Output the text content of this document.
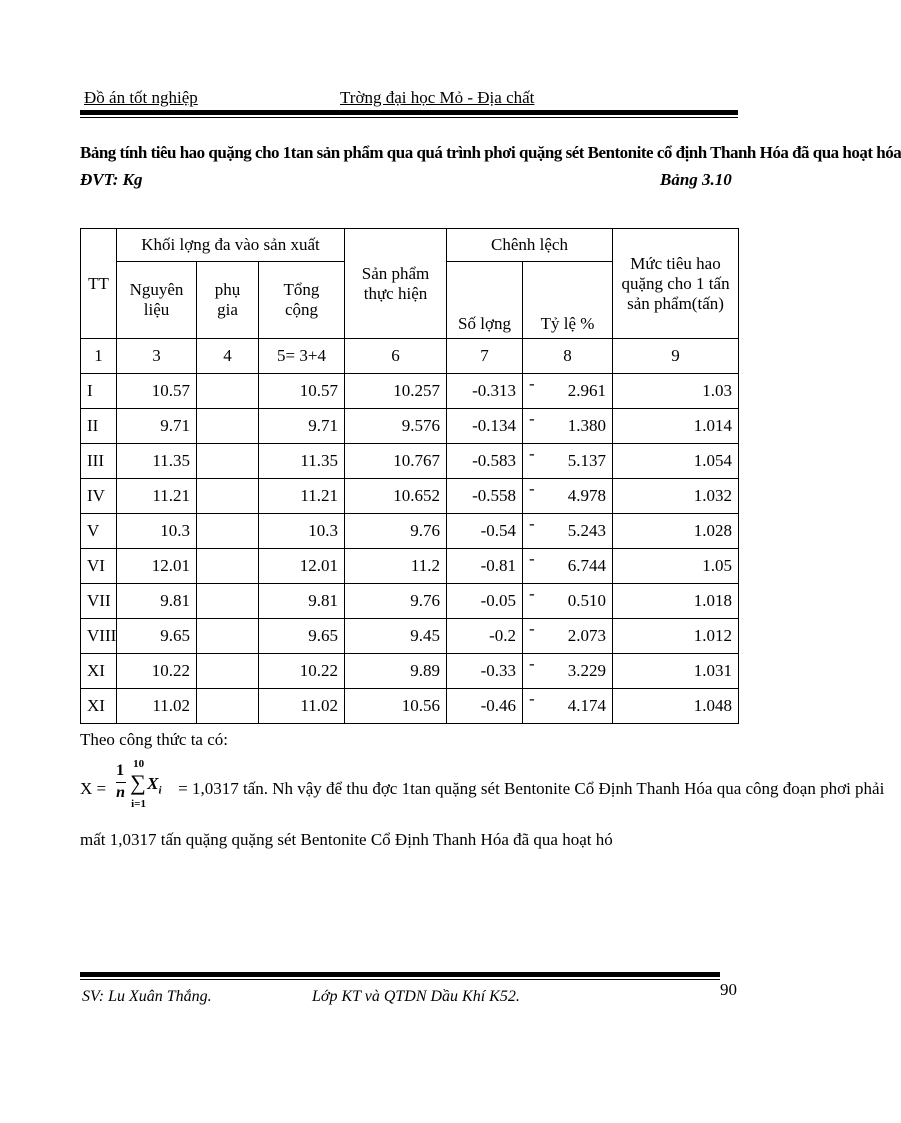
Đồ án tốt nghiệp	Trờng đại học Mỏ - Địa chất
Bảng tính tiêu hao quặng cho 1tan sản phẩm qua quá trình phơi quặng sét Bentonite cổ định Thanh Hóa đã qua hoạt hóa
ĐVT: Kg	Bảng 3.10
TT	Khối lợng đa vào sản xuất			Sản phẩm thực hiện	Chênh lệch		Mức tiêu hao quặng cho 1 tấn sản phẩm(tấn)
	Nguyên liệu	phụ gia	Tổng cộng		Số lợng	Tỷ lệ %	
1	3	4	5= 3+4	6	7	8	9
I	10.57		10.57	10.257	-0.313	- 2.961	1.03
II	9.71		9.71	9.576	-0.134	- 1.380	1.014
III	11.35		11.35	10.767	-0.583	- 5.137	1.054
IV	11.21		11.21	10.652	-0.558	- 4.978	1.032
V	10.3		10.3	9.76	-0.54	- 5.243	1.028
VI	12.01		12.01	11.2	-0.81	- 6.744	1.05
VII	9.81		9.81	9.76	-0.05	- 0.510	1.018
VIII	9.65		9.65	9.45	-0.2	- 2.073	1.012
XI	10.22		10.22	9.89	-0.33	- 3.229	1.031
XI	11.02		11.02	10.56	-0.46	- 4.174	1.048
Theo công thức ta có:
X =
1
n
10
∑
i=1
$X_i = 1,0317$ tấn. Nh vậy để thu đợc 1tan quặng sét Bentonite Cổ Định Thanh Hóa qua công đoạn phơi phải
mất 1,0317 tấn quặng quặng sét Bentonite Cổ Định Thanh Hóa đã qua hoạt hó
SV: Lu Xuân Thắng.	Lớp KT và QTDN Dầu Khí K52.	90
